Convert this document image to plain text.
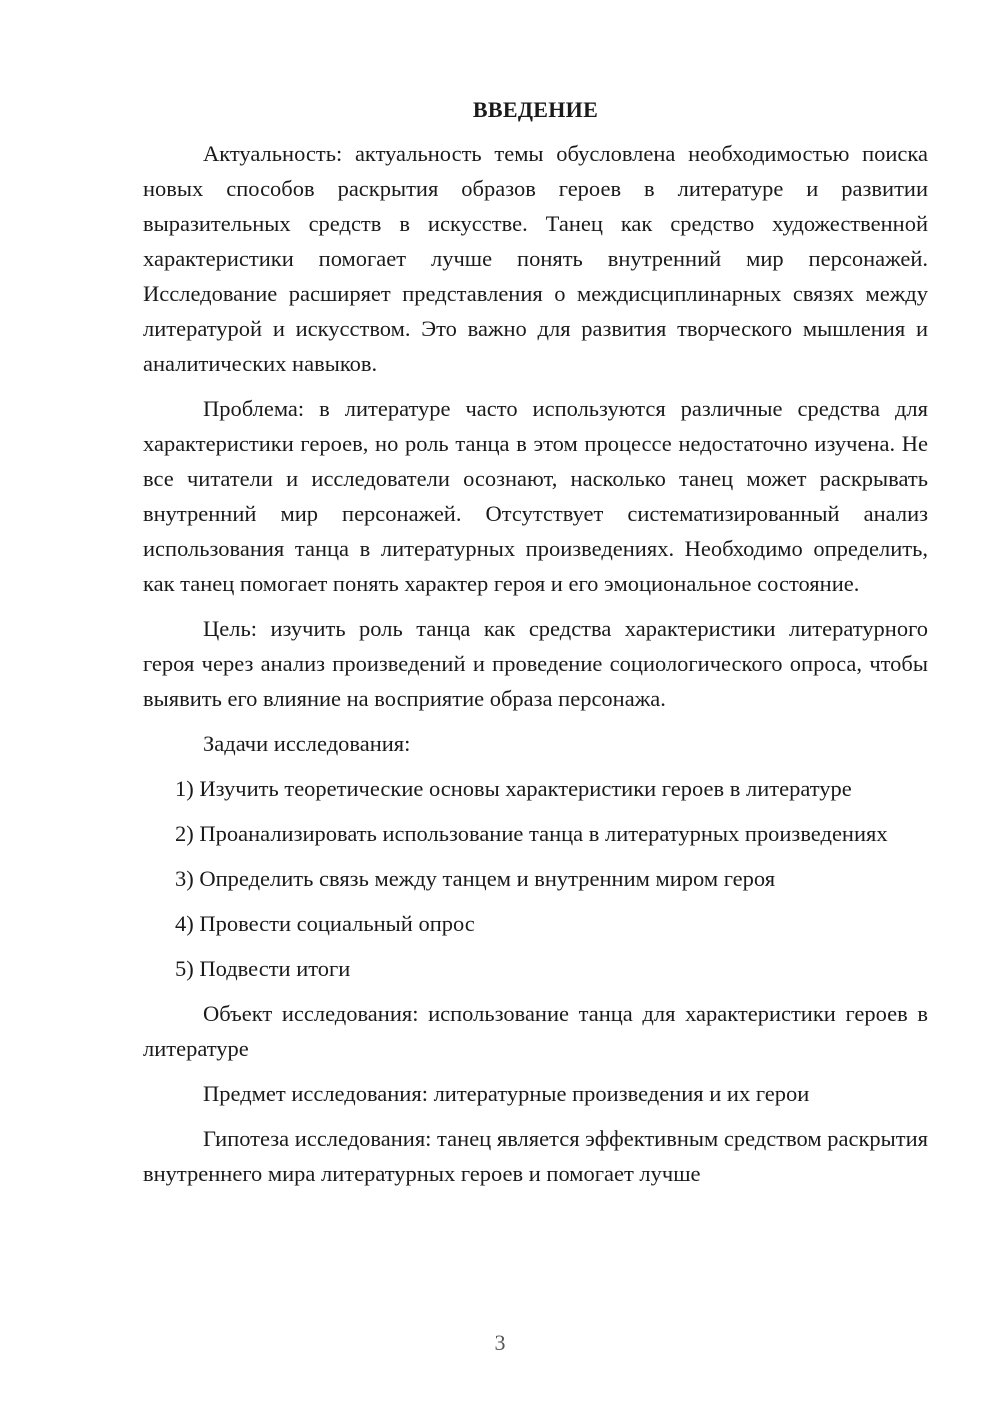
ВВЕДЕНИЕ

Актуальность: актуальность темы обусловлена необходимостью поиска новых способов раскрытия образов героев в литературе и развитии выразительных средств в искусстве. Танец как средство художественной характеристики помогает лучше понять внутренний мир персонажей. Исследование расширяет представления о междисциплинарных связях между литературой и искусством. Это важно для развития творческого мышления и аналитических навыков.

Проблема: в литературе часто используются различные средства для характеристики героев, но роль танца в этом процессе недостаточно изучена. Не все читатели и исследователи осознают, насколько танец может раскрывать внутренний мир персонажей. Отсутствует систематизированный анализ использования танца в литературных произведениях. Необходимо определить, как танец помогает понять характер героя и его эмоциональное состояние.

Цель: изучить роль танца как средства характеристики литературного героя через анализ произведений и проведение социологического опроса, чтобы выявить его влияние на восприятие образа персонажа.

Задачи исследования:

1) Изучить теоретические основы характеристики героев в литературе

2) Проанализировать использование танца в литературных произведениях

3) Определить связь между танцем и внутренним миром героя

4) Провести социальный опрос

5) Подвести итоги

Объект исследования: использование танца для характеристики героев в литературе

Предмет исследования: литературные произведения и их герои

Гипотеза исследования: танец является эффективным средством раскрытия внутреннего мира литературных героев и помогает лучше

3
